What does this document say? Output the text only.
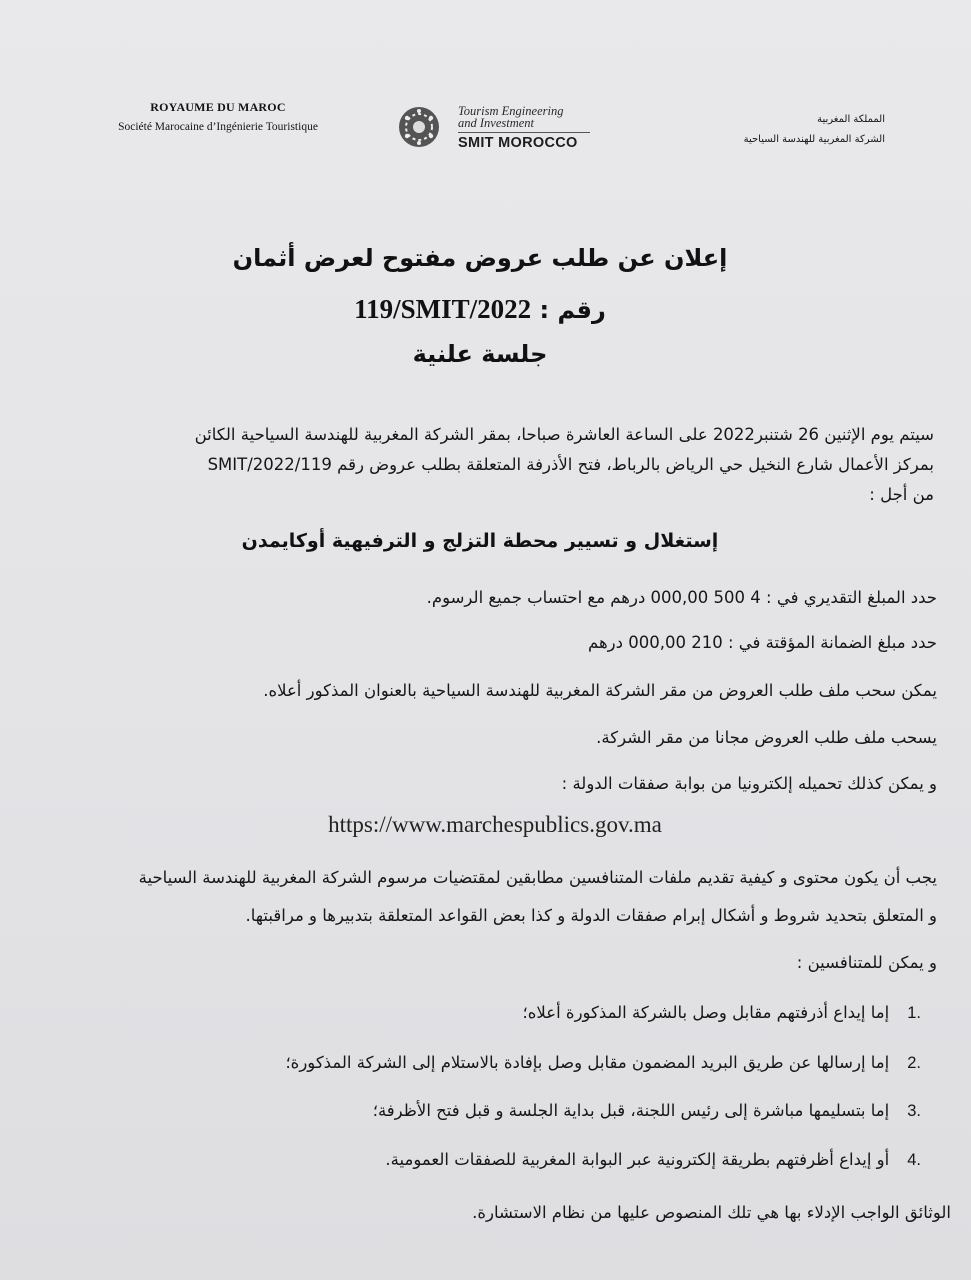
ROYAUME DU MAROC
Société Marocaine d’Ingénierie Touristique
Tourism Engineering
and Investment
SMIT MOROCCO
المملكة المغربية
الشركة المغربية للهندسة السياحية
إعلان عن طلب عروض مفتوح لعرض أثمان
رقم : 119/SMIT/2022
جلسة علنية
سيتم يوم الإثنين 26 شتنبر2022 على الساعة العاشرة صباحا، بمقر الشركة المغربية للهندسة السياحية الكائن
بمركز الأعمال شارع النخيل حي الرياض بالرباط، فتح الأذرفة المتعلقة بطلب عروض رقم 119/SMIT/2022
من أجل :
إستغلال و تسيير محطة التزلج و الترفيهية أوكايمدن
حدد المبلغ التقديري في : 4 500 000,00 درهم مع احتساب جميع الرسوم.
حدد مبلغ الضمانة المؤقتة في : 210 000,00 درهم
يمكن سحب ملف طلب العروض من مقر الشركة المغربية للهندسة السياحية بالعنوان المذكور أعلاه.
يسحب ملف طلب العروض مجانا من مقر الشركة.
و يمكن كذلك تحميله إلكترونيا من بوابة صفقات الدولة :
https://www.marchespublics.gov.ma
يجب أن يكون محتوى و كيفية تقديم ملفات المتنافسين مطابقين لمقتضيات مرسوم الشركة المغربية للهندسة السياحية
و المتعلق بتحديد شروط و أشكال إبرام صفقات الدولة و كذا بعض القواعد المتعلقة بتدبيرها و مراقبتها.
و يمكن للمتنافسين :
.1إما إيداع أذرفتهم مقابل وصل بالشركة المذكورة أعلاه؛
.2إما إرسالها عن طريق البريد المضمون مقابل وصل بإفادة بالاستلام إلى الشركة المذكورة؛
.3إما بتسليمها مباشرة إلى رئيس اللجنة، قبل بداية الجلسة و قبل فتح الأظرفة؛
.4أو إيداع أظرفتهم بطريقة إلكترونية عبر البوابة المغربية للصفقات العمومية.
الوثائق الواجب الإدلاء بها هي تلك المنصوص عليها من نظام الاستشارة.
